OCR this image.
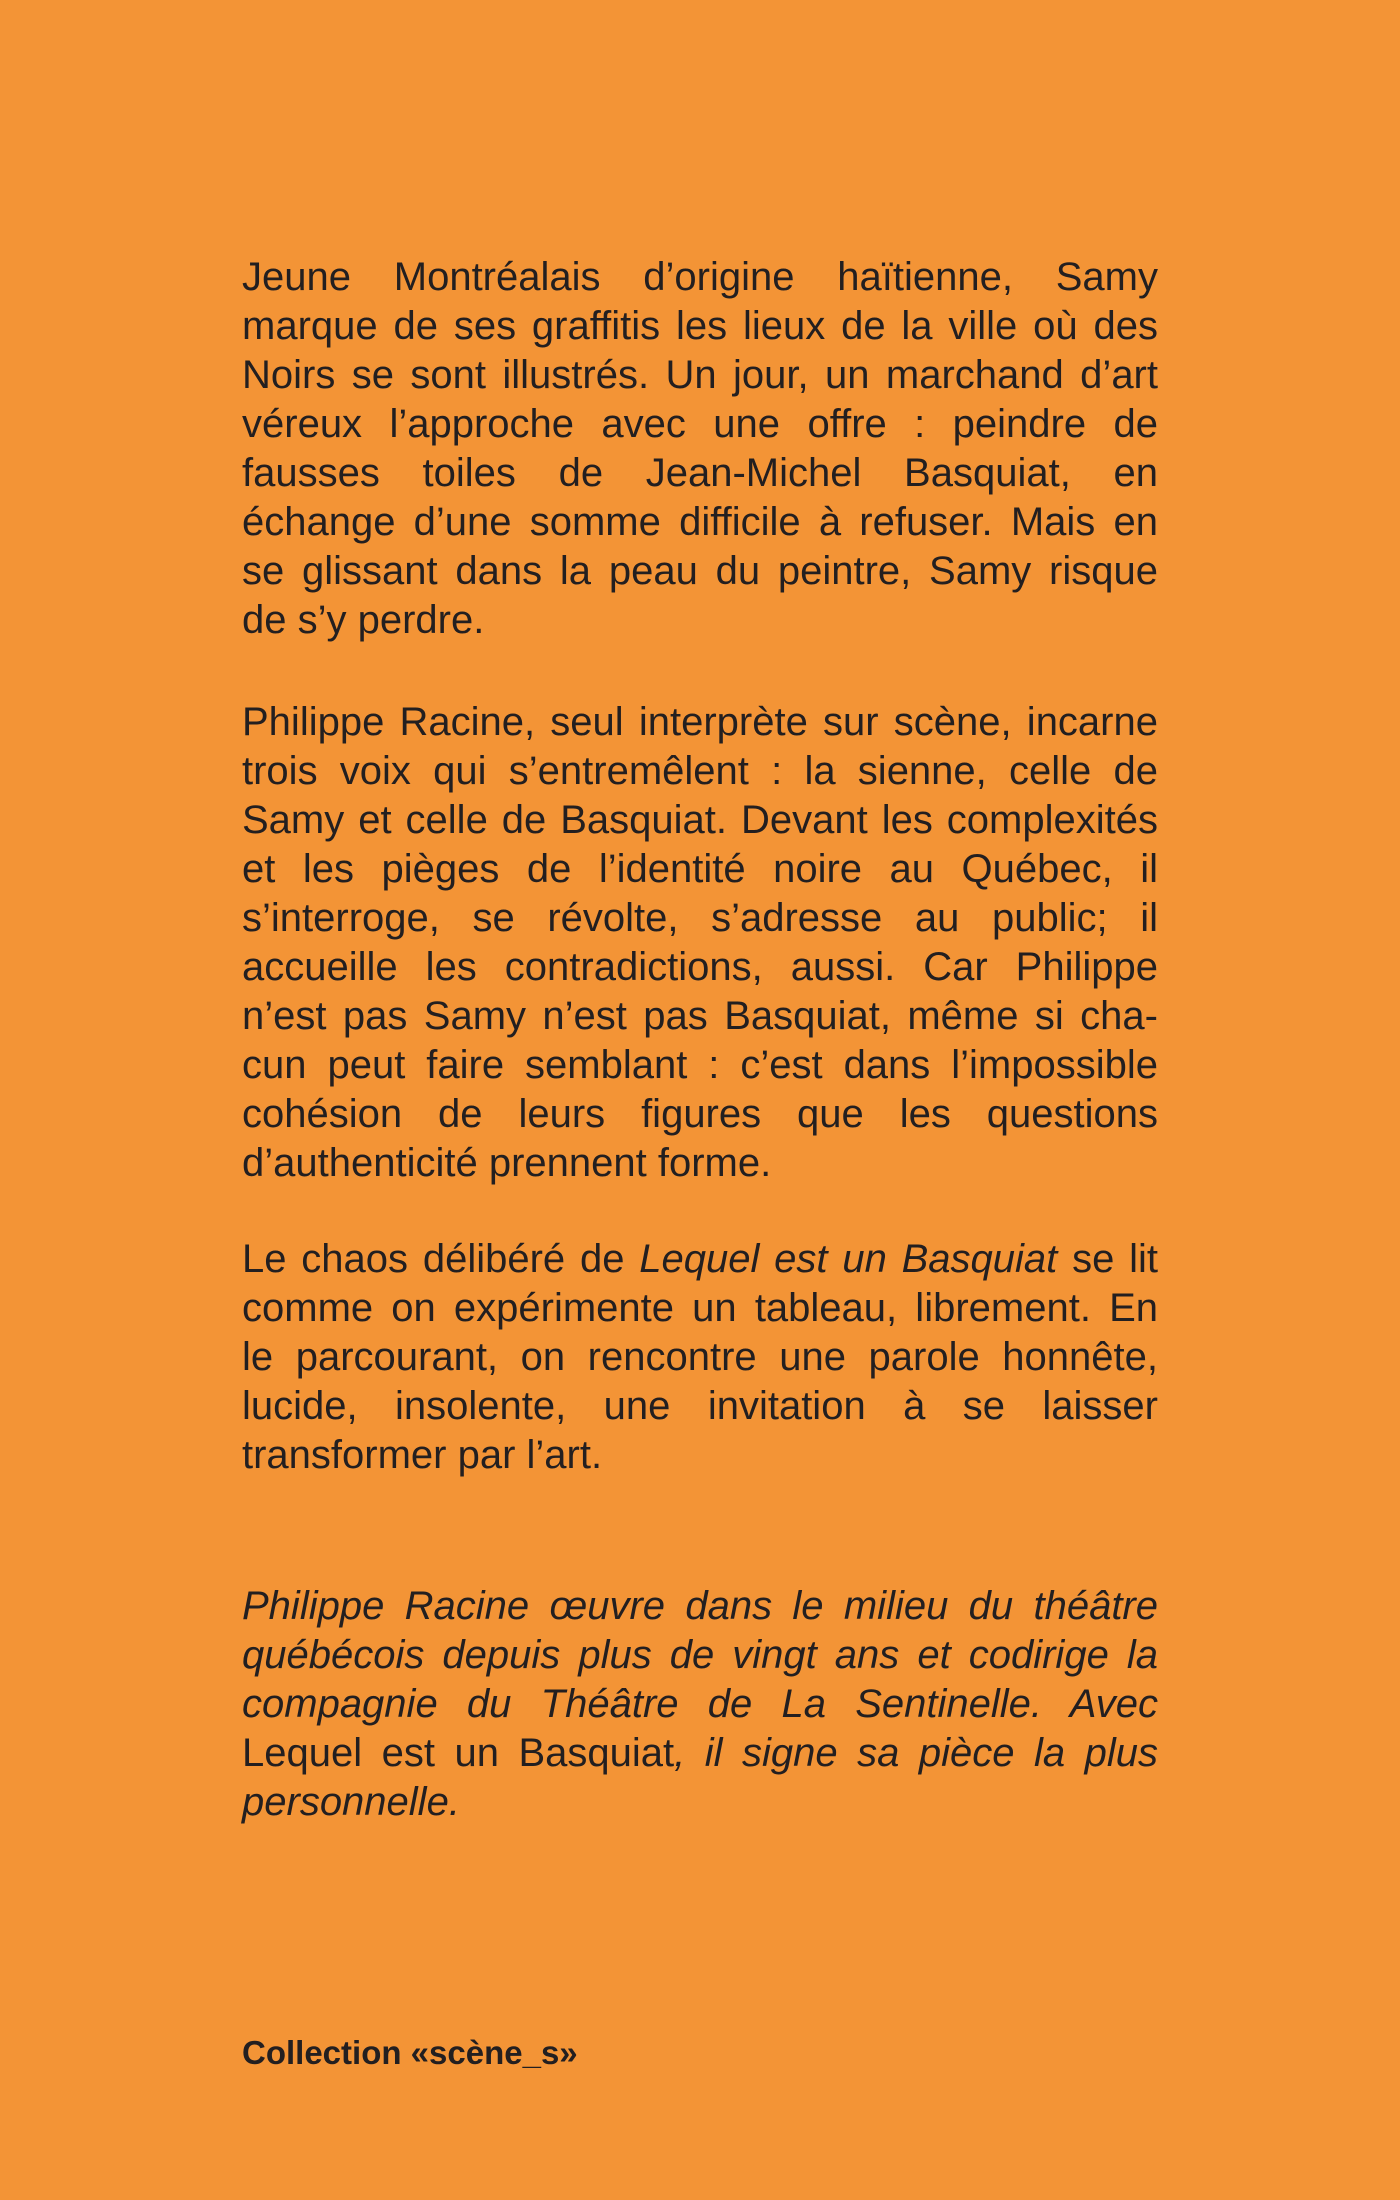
Jeune Montréalais d’origine haïtienne, Samy marque de ses graffitis les lieux de la ville où des Noirs se sont illustrés. Un jour, un marchand d’art véreux l’approche avec une offre : peindre de fausses toiles de Jean-Michel Basquiat, en échange d’une somme difficile à refuser. Mais en se glissant dans la peau du peintre, Samy risque de s’y perdre.

Philippe Racine, seul interprète sur scène, incarne trois voix qui s’entremêlent : la sienne, celle de Samy et celle de Basquiat. Devant les complexités et les pièges de l’identité noire au Québec, il s’interroge, se révolte, s’adresse au public; il accueille les contradictions, aussi. Car Philippe n’est pas Samy n’est pas Basquiat, même si chacun peut faire semblant : c’est dans l’impossible cohésion de leurs figures que les questions d’authenticité prennent forme.

Le chaos délibéré de Lequel est un Basquiat se lit comme on expérimente un tableau, librement. En le parcourant, on rencontre une parole honnête, lucide, insolente, une invitation à se laisser transformer par l’art.

Philippe Racine œuvre dans le milieu du théâtre québécois depuis plus de vingt ans et codirige la compagnie du Théâtre de La Sentinelle. Avec Lequel est un Basquiat, il signe sa pièce la plus personnelle.

Collection «scène_s»
